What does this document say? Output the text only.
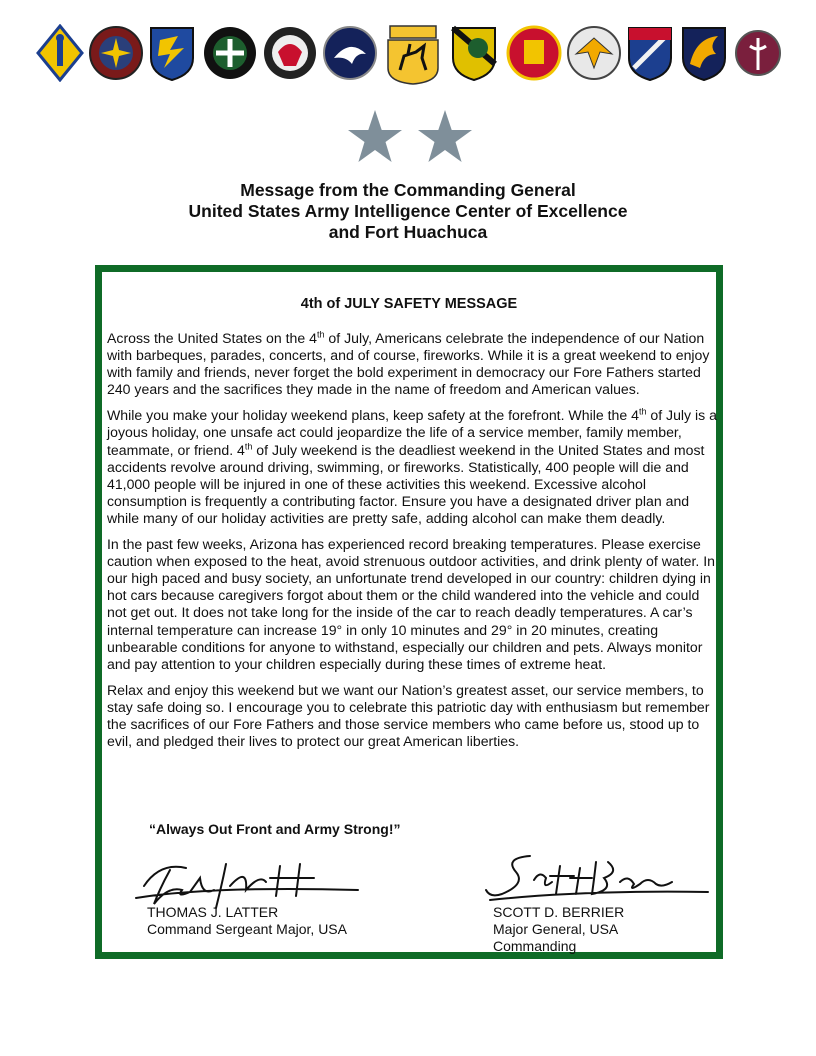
Message from the Commanding General
United States Army Intelligence Center of Excellence
and Fort Huachuca
4th of JULY SAFETY MESSAGE

Across the United States on the 4th of July, Americans celebrate the independence of our Nation with barbeques, parades, concerts, and of course, fireworks. While it is a great weekend to enjoy with family and friends, never forget the bold experiment in democracy our Fore Fathers started 240 years and the sacrifices they made in the name of freedom and American values.

While you make your holiday weekend plans, keep safety at the forefront. While the 4th of July is a joyous holiday, one unsafe act could jeopardize the life of a service member, family member, teammate, or friend. 4th of July weekend is the deadliest weekend in the United States and most accidents revolve around driving, swimming, or fireworks. Statistically, 400 people will die and 41,000 people will be injured in one of these activities this weekend. Excessive alcohol consumption is frequently a contributing factor. Ensure you have a designated driver plan and while many of our holiday activities are pretty safe, adding alcohol can make them deadly.

In the past few weeks, Arizona has experienced record breaking temperatures. Please exercise caution when exposed to the heat, avoid strenuous outdoor activities, and drink plenty of water. In our high paced and busy society, an unfortunate trend developed in our country: children dying in hot cars because caregivers forgot about them or the child wandered into the vehicle and could not get out. It does not take long for the inside of the car to reach deadly temperatures. A car’s internal temperature can increase 19° in only 10 minutes and 29° in 20 minutes, creating unbearable conditions for anyone to withstand, especially our children and pets. Always monitor and pay attention to your children especially during these times of extreme heat.

Relax and enjoy this weekend but we want our Nation’s greatest asset, our service members, to stay safe doing so. I encourage you to celebrate this patriotic day with enthusiasm but remember the sacrifices of our Fore Fathers and those service members who came before us, stood up to evil, and pledged their lives to protect our great American liberties.

“Always Out Front and Army Strong!”
THOMAS J. LATTER
Command Sergeant Major, USA
SCOTT D. BERRIER
Major General, USA
Commanding
